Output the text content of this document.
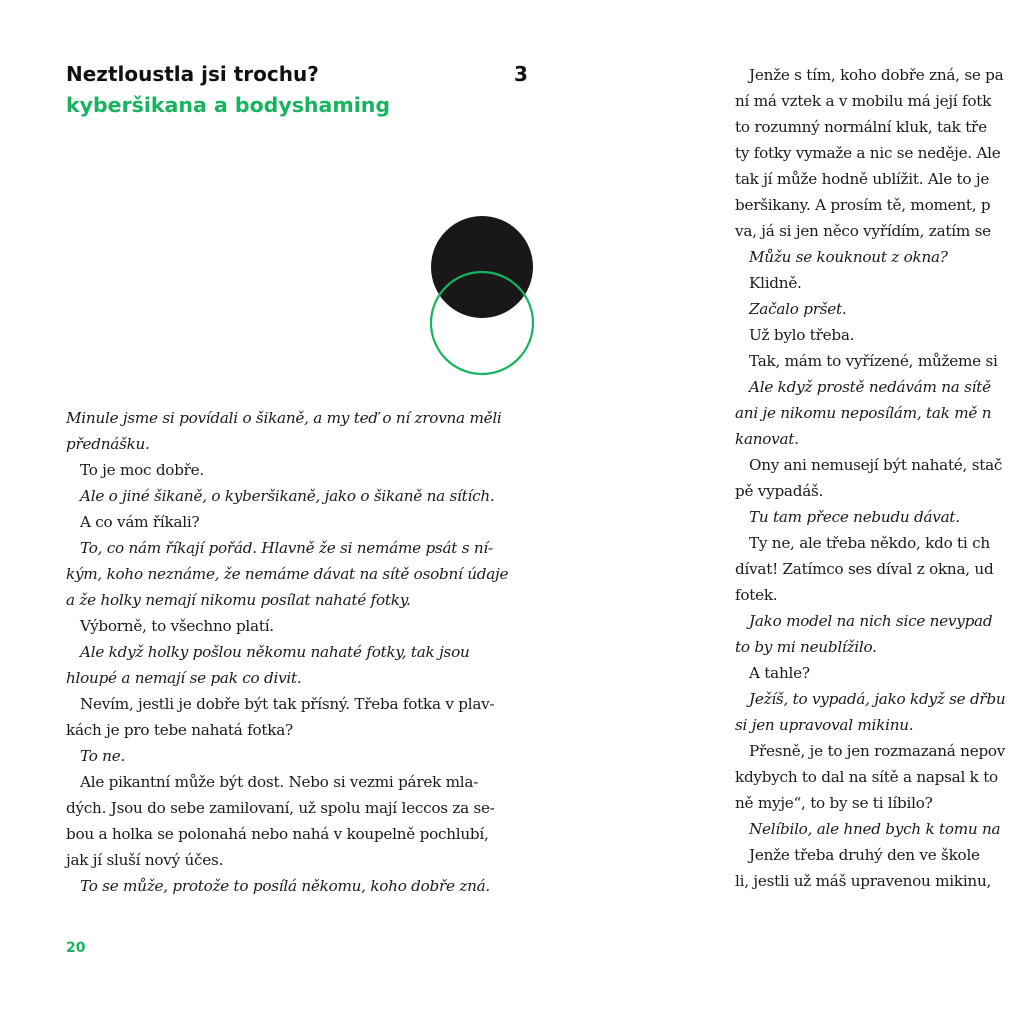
Neztloustla jsi trochu?	3
kyberšikana a bodyshaming
Minule jsme si povídali o šikaně, a my teď o ní zrovna měli
přednášku.
To je moc dobře.
Ale o jiné šikaně, o kyberšikaně, jako o šikaně na sítích.
A co vám říkali?
To, co nám říkají pořád. Hlavně že si nemáme psát s ní-
kým, koho neznáme, že nemáme dávat na sítě osobní údaje
a že holky nemají nikomu posílat nahaté fotky.
Výborně, to všechno platí.
Ale když holky pošlou někomu nahaté fotky, tak jsou
hloupé a nemají se pak co divit.
Nevím, jestli je dobře být tak přísný. Třeba fotka v plav-
kách je pro tebe nahatá fotka?
To ne.
Ale pikantní může být dost. Nebo si vezmi párek mla-
dých. Jsou do sebe zamilovaní, už spolu mají leccos za se-
bou a holka se polonahá nebo nahá v koupelně pochlubí,
jak jí sluší nový účes.
To se může, protože to posílá někomu, koho dobře zná.
20
Jenže s tím, koho dobře zná, se pa
ní má vztek a v mobilu má její fotk
to rozumný normální kluk, tak tře
ty fotky vymaže a nic se neděje. Ale
tak jí může hodně ublížit. Ale to je
beršikany. A prosím tě, moment, p
va, já si jen něco vyřídím, zatím se
Můžu se kouknout z okna?
Klidně.
Začalo pršet.
Už bylo třeba.
Tak, mám to vyřízené, můžeme si
Ale když prostě nedávám na sítě
ani je nikomu neposílám, tak mě n
kanovat.
Ony ani nemusejí být nahaté, stač
pě vypadáš.
Tu tam přece nebudu dávat.
Ty ne, ale třeba někdo, kdo ti ch
dívat! Zatímco ses díval z okna, ud
fotek.
Jako model na nich sice nevypad
to by mi neublížilo.
A tahle?
Ježíš, to vypadá, jako když se dřbu
si jen upravoval mikinu.
Přesně, je to jen rozmazaná nepov
kdybych to dal na sítě a napsal k to
ně myje“, to by se ti líbilo?
Nelíbilo, ale hned bych k tomu na
Jenže třeba druhý den ve škole
li, jestli už máš upravenou mikinu,
